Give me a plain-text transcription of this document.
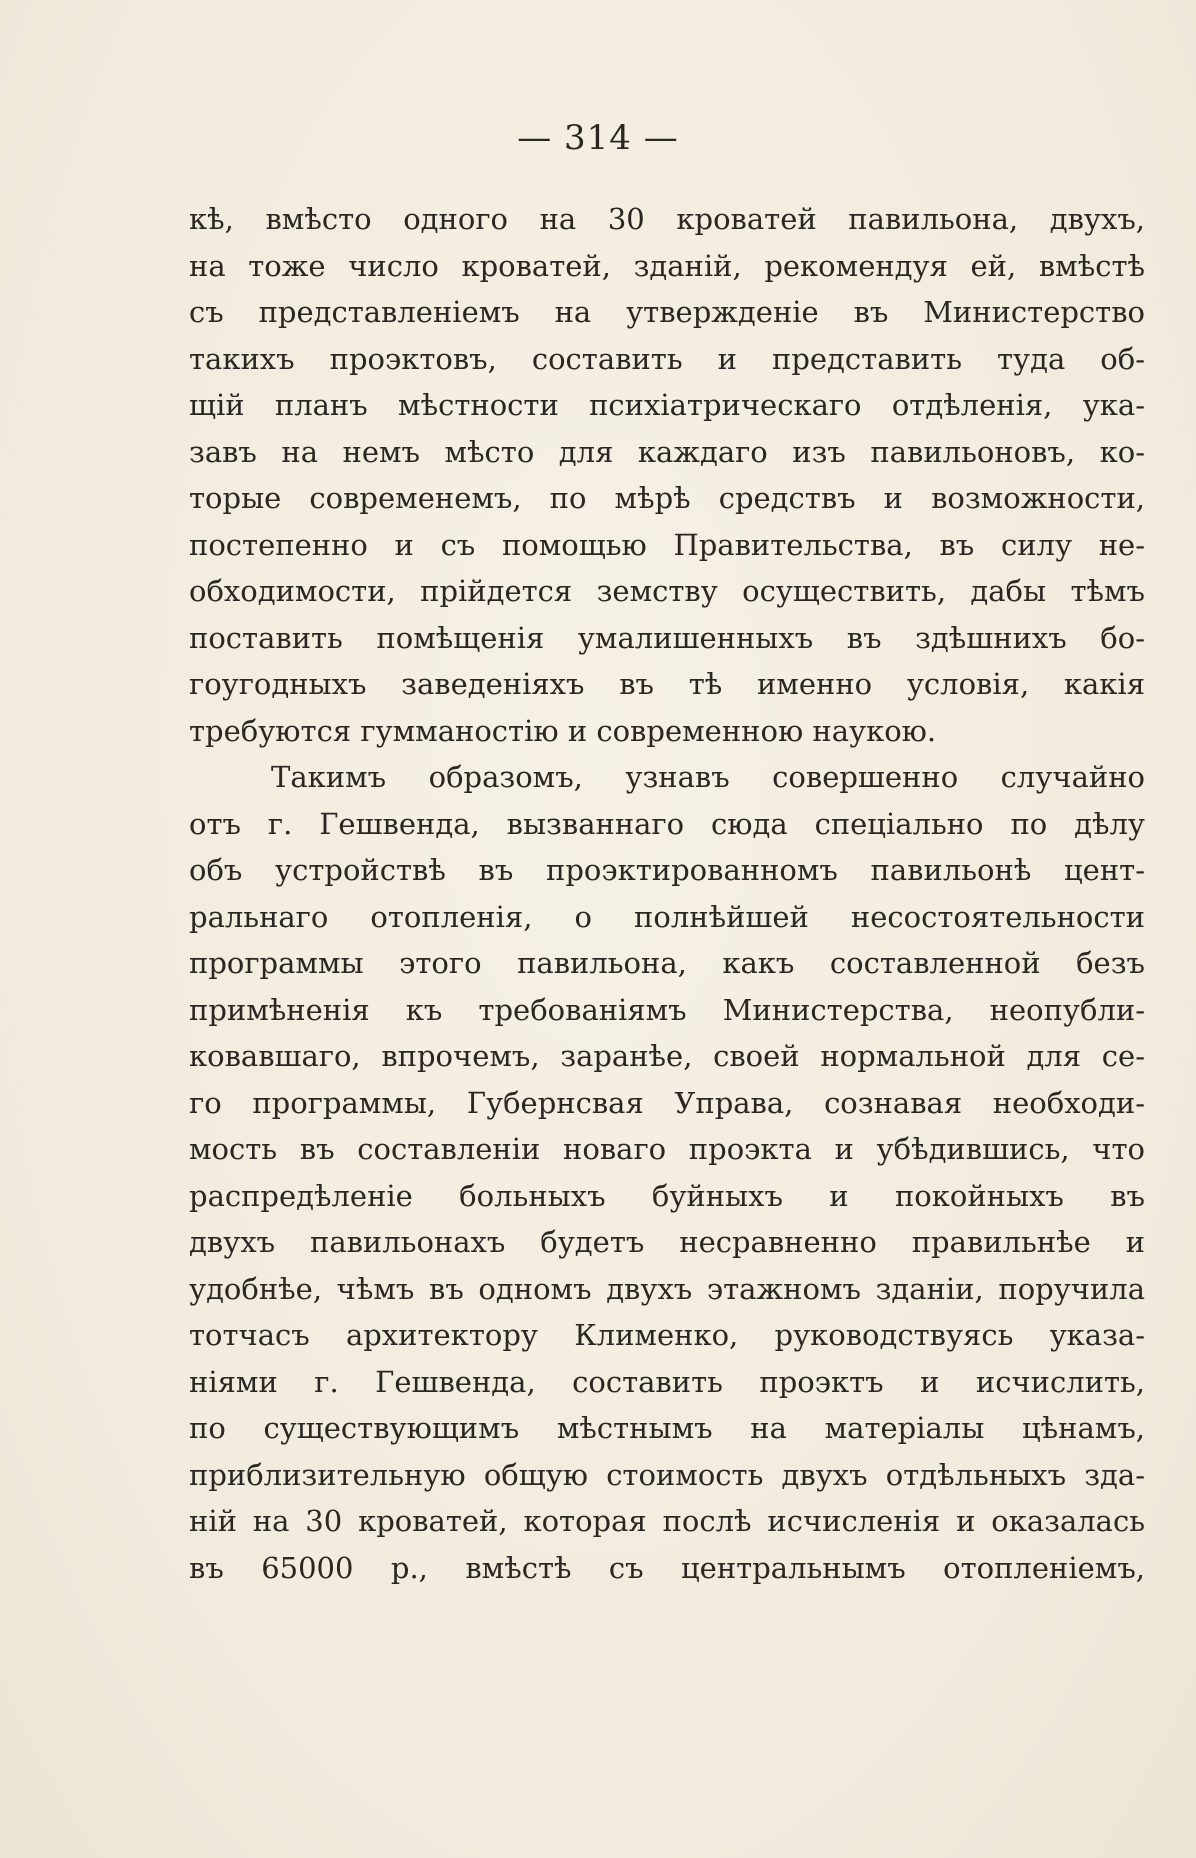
— 314 —
кѣ, вмѣсто одного на 30 кроватей павильона, двухъ,
на тоже число кроватей, зданій, рекомендуя ей, вмѣстѣ
съ представленіемъ на утвержденіе въ Министерство
такихъ проэктовъ, составить и представить туда об-
щій планъ мѣстности психіатрическаго отдѣленія, ука-
завъ на немъ мѣсто для каждаго изъ павильоновъ, ко-
торые современемъ, по мѣрѣ средствъ и возможности,
постепенно и съ помощью Правительства, въ силу не-
обходимости, прійдется земству осуществить, дабы тѣмъ
поставить помѣщенія умалишенныхъ въ здѣшнихъ бо-
гоугодныхъ заведеніяхъ въ тѣ именно условія, какія
требуются гумманостію и современною наукою.
Такимъ образомъ, узнавъ совершенно случайно
отъ г. Гешвенда, вызваннаго сюда спеціально по дѣлу
объ устройствѣ въ проэктированномъ павильонѣ цент-
ральнаго отопленія, о полнѣйшей несостоятельности
программы этого павильона, какъ составленной безъ
примѣненія къ требованіямъ Министерства, неопубли-
ковавшаго, впрочемъ, заранѣе, своей нормальной для се-
го программы, Губернсвая Управа, сознавая необходи-
мость въ составленіи новаго проэкта и убѣдившись, что
распредѣленіе больныхъ буйныхъ и покойныхъ въ
двухъ павильонахъ будетъ несравненно правильнѣе и
удобнѣе, чѣмъ въ одномъ двухъ этажномъ зданіи, поручила
тотчасъ архитектору Клименко, руководствуясь указа-
ніями г. Гешвенда, составить проэктъ и исчислить,
по существующимъ мѣстнымъ на матеріалы цѣнамъ,
приблизительную общую стоимость двухъ отдѣльныхъ зда-
ній на 30 кроватей, которая послѣ исчисленія и оказалась
въ 65000 р., вмѣстѣ съ центральнымъ отопленіемъ,
